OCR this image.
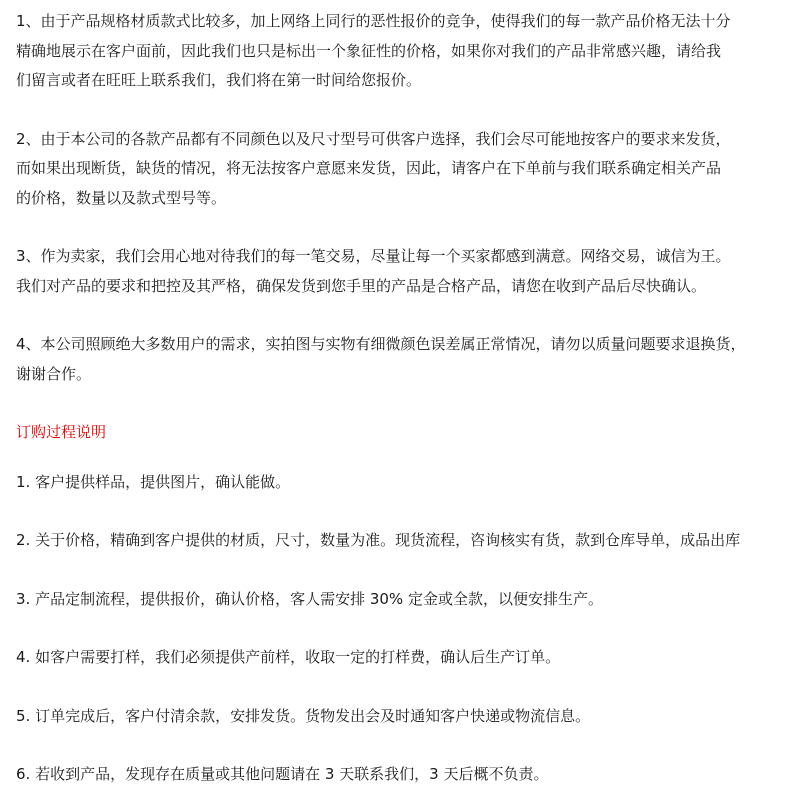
1、由于产品规格材质款式比较多，加上网络上同行的恶性报价的竞争，使得我们的每一款产品价格无法十分
精确地展示在客户面前，因此我们也只是标出一个象征性的价格，如果你对我们的产品非常感兴趣，请给我
们留言或者在旺旺上联系我们，我们将在第一时间给您报价。

2、由于本公司的各款产品都有不同颜色以及尺寸型号可供客户选择，我们会尽可能地按客户的要求来发货，
而如果出现断货，缺货的情况，将无法按客户意愿来发货，因此，请客户在下单前与我们联系确定相关产品
的价格，数量以及款式型号等。

3、作为卖家，我们会用心地对待我们的每一笔交易，尽量让每一个买家都感到满意。网络交易，诚信为王。
我们对产品的要求和把控及其严格，确保发货到您手里的产品是合格产品，请您在收到产品后尽快确认。

4、本公司照顾绝大多数用户的需求，实拍图与实物有细微颜色误差属正常情况，请勿以质量问题要求退换货，
谢谢合作。

订购过程说明

1. 客户提供样品，提供图片，确认能做。

2. 关于价格，精确到客户提供的材质，尺寸，数量为准。现货流程，咨询核实有货，款到仓库导单，成品出库

3. 产品定制流程，提供报价，确认价格，客人需安排 30% 定金或全款，以便安排生产。

4. 如客户需要打样，我们必须提供产前样，收取一定的打样费，确认后生产订单。

5. 订单完成后，客户付清余款，安排发货。货物发出会及时通知客户快递或物流信息。

6. 若收到产品，发现存在质量或其他问题请在 3 天联系我们，3 天后概不负责。
